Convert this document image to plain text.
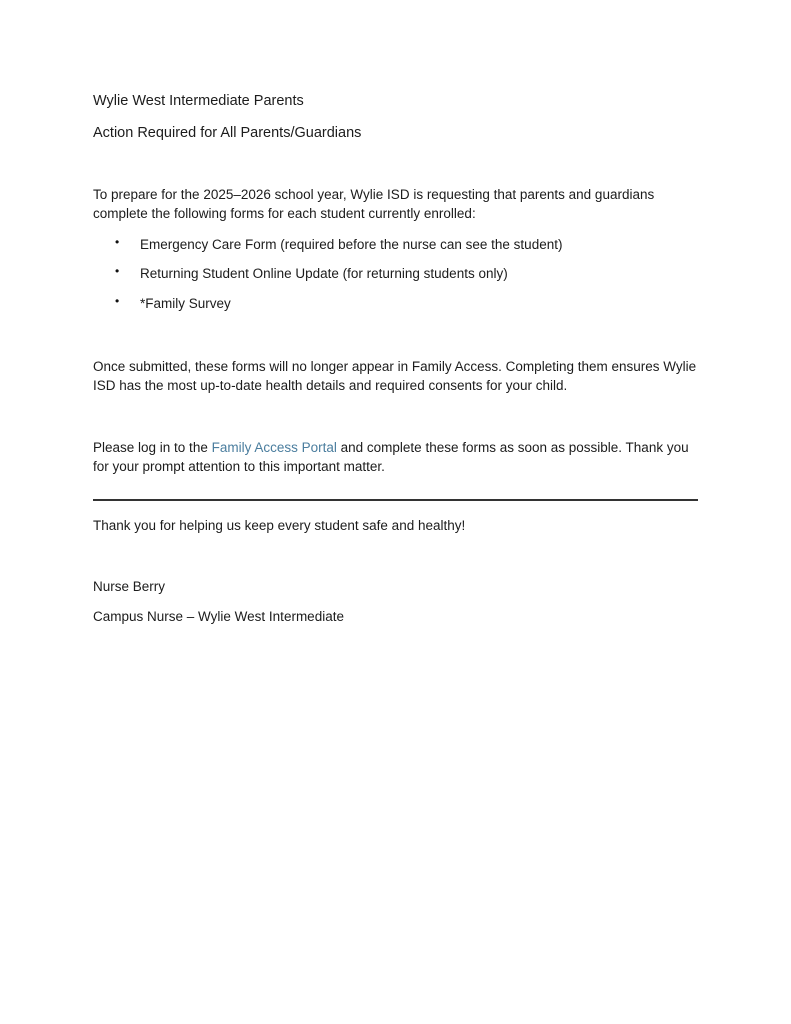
Wylie West Intermediate Parents
Action Required for All Parents/Guardians
To prepare for the 2025–2026 school year, Wylie ISD is requesting that parents and guardians complete the following forms for each student currently enrolled:
• Emergency Care Form (required before the nurse can see the student)
• Returning Student Online Update (for returning students only)
• *Family Survey
Once submitted, these forms will no longer appear in Family Access. Completing them ensures Wylie ISD has the most up-to-date health details and required consents for your child.
Please log in to the Family Access Portal and complete these forms as soon as possible. Thank you for your prompt attention to this important matter.
Thank you for helping us keep every student safe and healthy!
Nurse Berry
Campus Nurse – Wylie West Intermediate
